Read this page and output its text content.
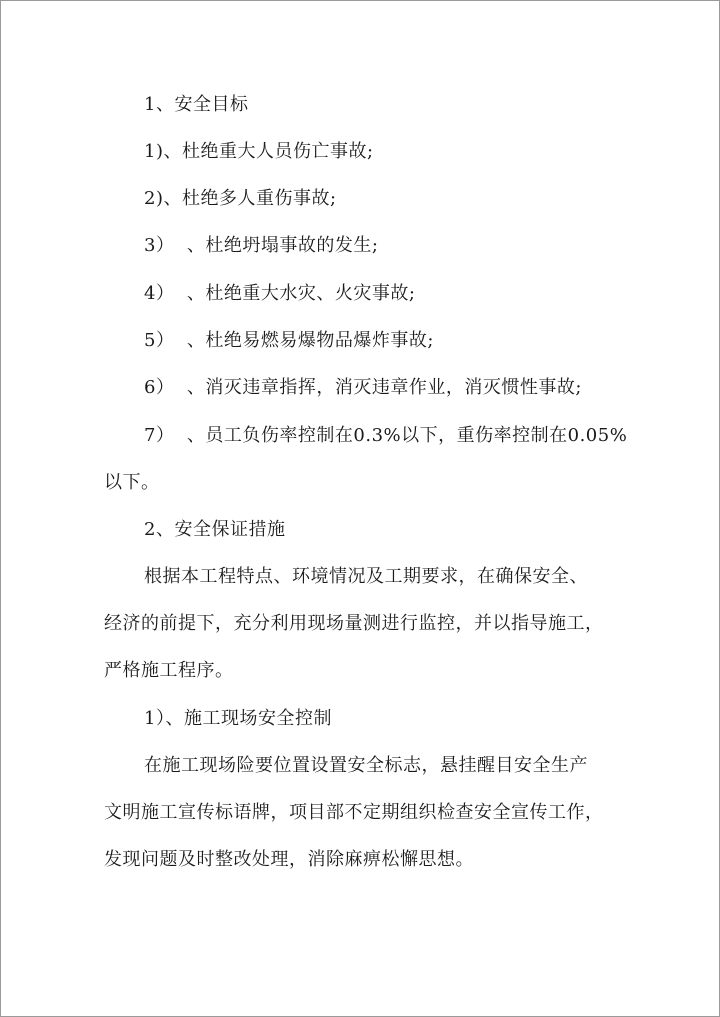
1、安全目标

1)、杜绝重大人员伤亡事故;

2)、杜绝多人重伤事故;

3）  、杜绝坍塌事故的发生;

4）  、杜绝重大水灾、火灾事故;

5）  、杜绝易燃易爆物品爆炸事故;

6）  、消灭违章指挥，消灭违章作业，消灭惯性事故;

7）  、员工负伤率控制在0.3%以下，重伤率控制在0.05%

以下。

2、安全保证措施

根据本工程特点、环境情况及工期要求，在确保安全、

经济的前提下，充分利用现场量测进行监控，并以指导施工，

严格施工程序。

1）、施工现场安全控制

在施工现场险要位置设置安全标志，悬挂醒目安全生产

文明施工宣传标语牌，项目部不定期组织检查安全宣传工作，

发现问题及时整改处理，消除麻痹松懈思想。
